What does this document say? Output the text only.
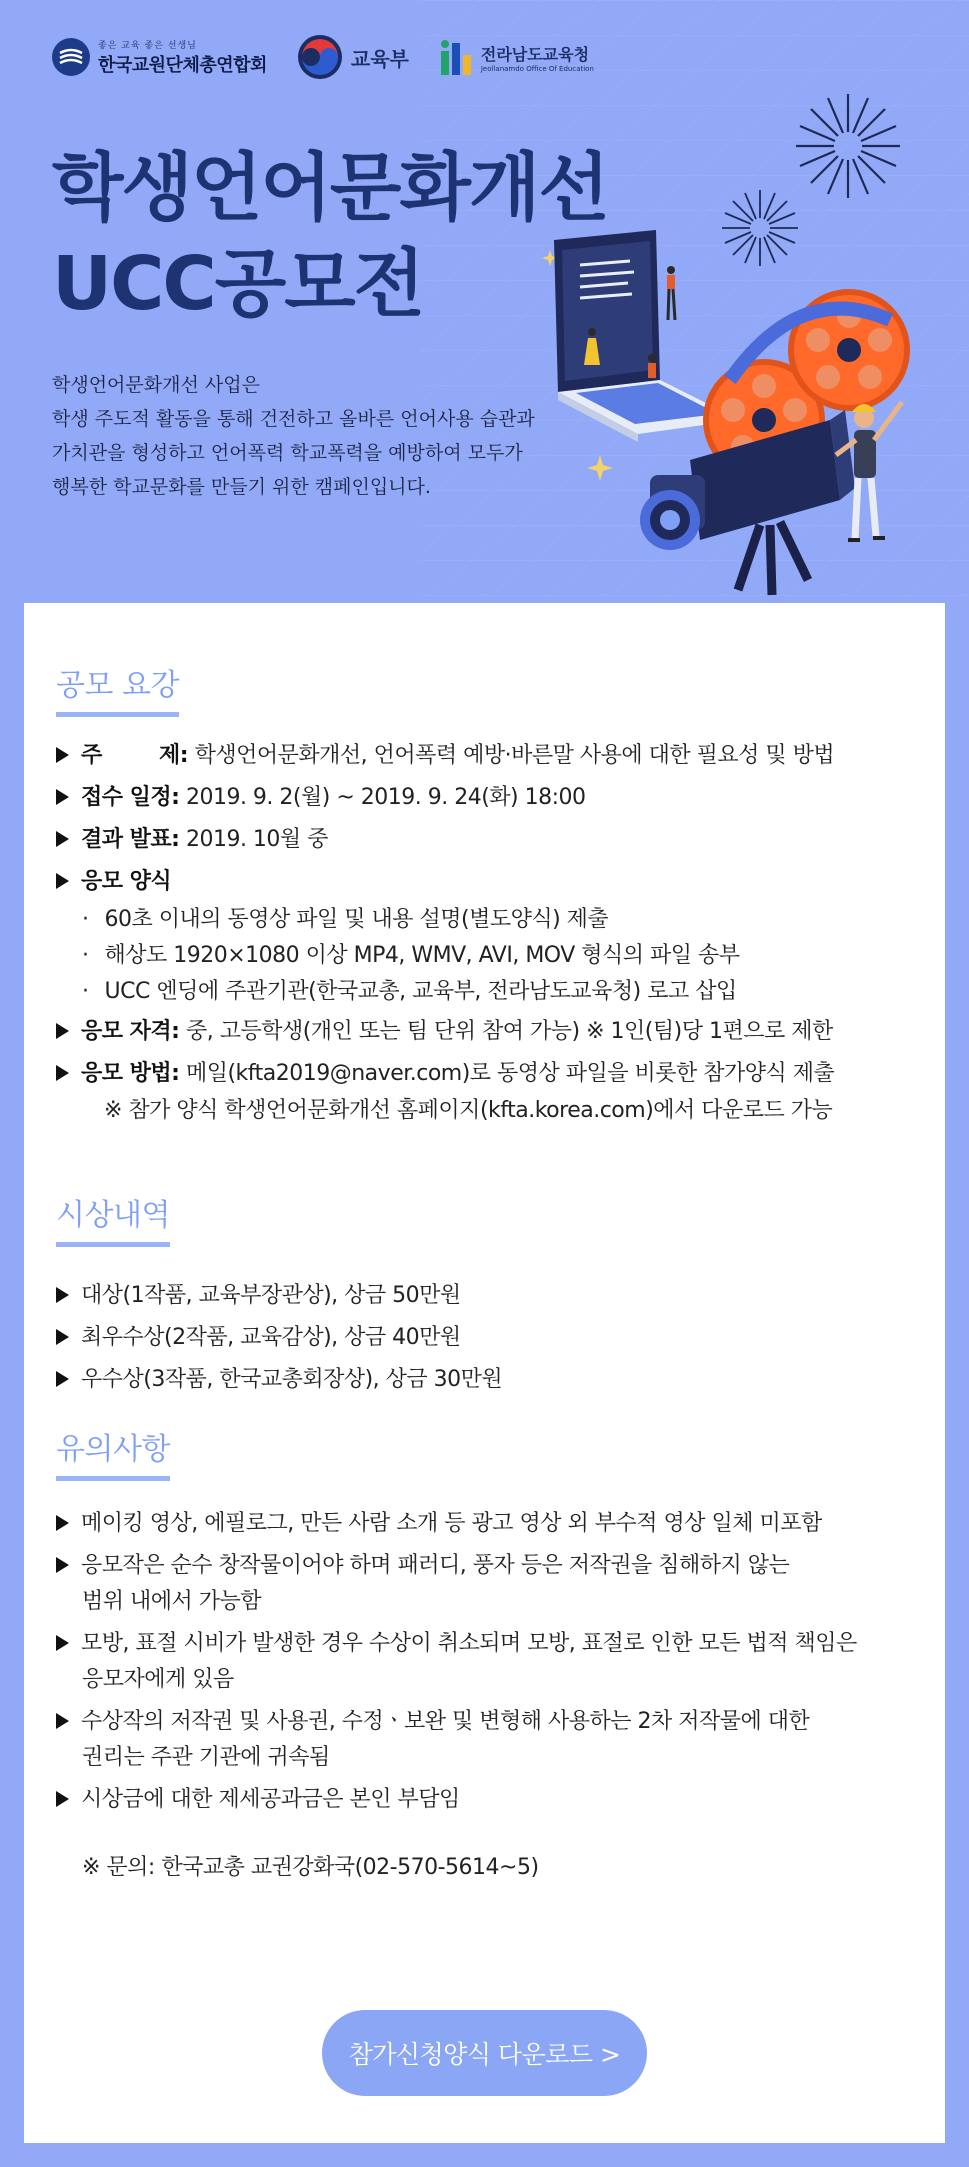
좋은 교육 좋은 선생님
한국교원단체총연합회	교육부	전라남도교육청
Jeollanamdo Office Of Education
학생언어문화개선
UCC공모전
학생언어문화개선 사업은
학생 주도적 활동을 통해 건전하고 올바른 언어사용 습관과
가치관을 형성하고 언어폭력 학교폭력을 예방하여 모두가
행복한 학교문화를 만들기 위한 캠페인입니다.
공모 요강
주        제: 학생언어문화개선, 언어폭력 예방·바른말 사용에 대한 필요성 및 방법
접수 일정: 2019. 9. 2(월) ~ 2019. 9. 24(화) 18:00
결과 발표: 2019. 10월 중
응모 양식
· 60초 이내의 동영상 파일 및 내용 설명(별도양식) 제출
· 해상도 1920×1080 이상 MP4, WMV, AVI, MOV 형식의 파일 송부
· UCC 엔딩에 주관기관(한국교총, 교육부, 전라남도교육청) 로고 삽입
응모 자격: 중, 고등학생(개인 또는 팀 단위 참여 가능) ※ 1인(팀)당 1편으로 제한
응모 방법: 메일(kfta2019@naver.com)로 동영상 파일을 비롯한 참가양식 제출
※ 참가 양식 학생언어문화개선 홈페이지(kfta.korea.com)에서 다운로드 가능
시상내역
대상(1작품, 교육부장관상), 상금 50만원
최우수상(2작품, 교육감상), 상금 40만원
우수상(3작품, 한국교총회장상), 상금 30만원
유의사항
메이킹 영상, 에필로그, 만든 사람 소개 등 광고 영상 외 부수적 영상 일체 미포함
응모작은 순수 창작물이어야 하며 패러디, 풍자 등은 저작권을 침해하지 않는
범위 내에서 가능함
모방, 표절 시비가 발생한 경우 수상이 취소되며 모방, 표절로 인한 모든 법적 책임은
응모자에게 있음
수상작의 저작권 및 사용권, 수정ㆍ보완 및 변형해 사용하는 2차 저작물에 대한
권리는 주관 기관에 귀속됨
시상금에 대한 제세공과금은 본인 부담임
※ 문의: 한국교총 교권강화국(02-570-5614~5)
참가신청양식 다운로드 >
